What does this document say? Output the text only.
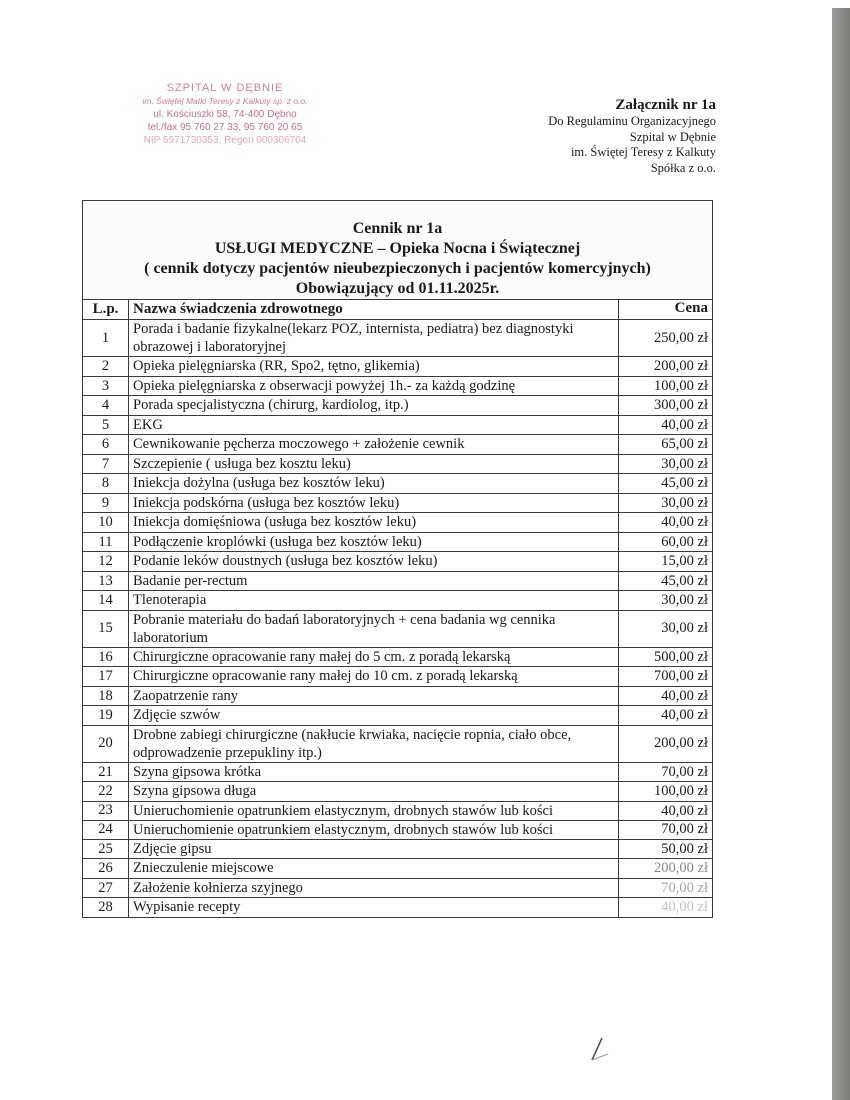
SZPITAL W DĘBNIE
im. Świętej Matki Teresy z Kalkuty sp. z o.o.
ul. Kościuszki 58, 74-400 Dębno
tel./fax 95 760 27 33, 95 760 20 65
NIP 5971730353, Regon 000306704
Załącznik nr 1a
Do Regulaminu Organizacyjnego
Szpital w Dębnie
im. Świętej Teresy z Kalkuty
Spółka z o.o.
Cennik nr 1a
USŁUGI MEDYCZNE – Opieka Nocna i Świątecznej
( cennik dotyczy pacjentów nieubezpieczonych i pacjentów komercyjnych)
Obowiązujący od 01.11.2025r.		

L.p.	Nazwa świadczenia zdrowotnego	Cena
1	Porada i badanie fizykalne(lekarz POZ, internista, pediatra) bez diagnostyki obrazowej i laboratoryjnej	250,00 zł
2	Opieka pielęgniarska (RR, Spo2, tętno, glikemia)	200,00 zł
3	Opieka pielęgniarska z obserwacji powyżej 1h.- za każdą godzinę	100,00 zł
4	Porada specjalistyczna (chirurg, kardiolog, itp.)	300,00 zł
5	EKG	40,00 zł
6	Cewnikowanie pęcherza moczowego + założenie cewnik	65,00 zł
7	Szczepienie ( usługa bez kosztu leku)	30,00 zł
8	Iniekcja dożylna (usługa bez kosztów leku)	45,00 zł
9	Iniekcja podskórna (usługa bez kosztów leku)	30,00 zł
10	Iniekcja domięśniowa (usługa bez kosztów leku)	40,00 zł
11	Podłączenie kroplówki (usługa bez kosztów leku)	60,00 zł
12	Podanie leków doustnych (usługa bez kosztów leku)	15,00 zł
13	Badanie per-rectum	45,00 zł
14	Tlenoterapia	30,00 zł
15	Pobranie materiału do badań laboratoryjnych + cena badania wg cennika laboratorium	30,00 zł
16	Chirurgiczne opracowanie rany małej do 5 cm. z poradą lekarską	500,00 zł
17	Chirurgiczne opracowanie rany małej do 10 cm. z poradą lekarską	700,00 zł
18	Zaopatrzenie rany	40,00 zł
19	Zdjęcie szwów	40,00 zł
20	Drobne zabiegi chirurgiczne (nakłucie krwiaka, nacięcie ropnia, ciało obce, odprowadzenie przepukliny itp.)	200,00 zł
21	Szyna gipsowa krótka	70,00 zł
22	Szyna gipsowa długa	100,00 zł
23	Unieruchomienie opatrunkiem elastycznym, drobnych stawów lub kości	40,00 zł
24	Unieruchomienie opatrunkiem elastycznym, drobnych stawów lub kości	70,00 zł
25	Zdjęcie gipsu	50,00 zł
26	Znieczulenie miejscowe	200,00 zł
27	Założenie kołnierza szyjnego	70,00 zł
28	Wypisanie recepty	40,00 zł
